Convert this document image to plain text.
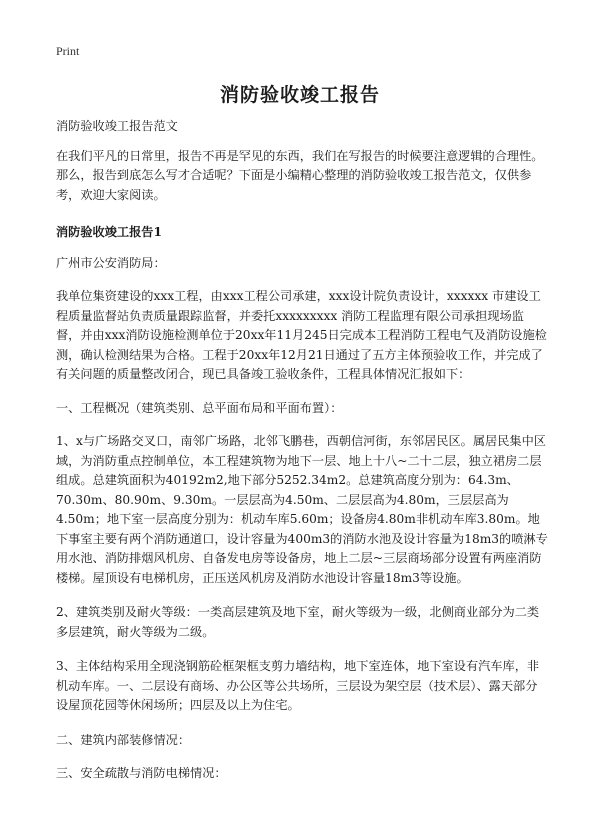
Print
消防验收竣工报告

消防验收竣工报告范文

在我们平凡的日常里，报告不再是罕见的东西，我们在写报告的时候要注意逻辑的合理性。那么，报告到底怎么写才合适呢？下面是小编精心整理的消防验收竣工报告范文，仅供参考，欢迎大家阅读。

消防验收竣工报告1

广州市公安消防局：

我单位集资建设的xxx工程，由xxx工程公司承建，xxx设计院负责设计，xxxxxx 市建设工程质量监督站负责质量跟踪监督，并委托xxxxxxxxx 消防工程监理有限公司承担现场监督，并由xxx消防设施检测单位于20xx年11月245日完成本工程消防工程电气及消防设施检测，确认检测结果为合格。工程于20xx年12月21日通过了五方主体预验收工作，并完成了有关问题的质量整改闭合，现已具备竣工验收条件，工程具体情况汇报如下：

一、工程概况（建筑类别、总平面布局和平面布置）：

1、x与广场路交叉口，南邻广场路，北邻飞鹏巷，西朝信河街，东邻居民区。属居民集中区域，为消防重点控制单位，本工程建筑物为地下一层、地上十八~二十二层，独立裙房二层组成。总建筑面积为40192m2,地下部分5252.34m2。总建筑高度分别为：64.3m、70.30m、80.90m、9.30m。一层层高为4.50m、二层层高为4.80m，三层层高为4.50m；地下室一层高度分别为：机动车库5.60m；设备房4.80m非机动车库3.80m。地下事室主要有两个消防通道口，设计容量为400m3的消防水池及设计容量为18m3的喷淋专用水池、消防排烟风机房、自备发电房等设备房，地上二层~三层商场部分设置有两座消防楼梯。屋顶设有电梯机房，正压送风机房及消防水池设计容量18m3等设施。

2、建筑类别及耐火等级：一类高层建筑及地下室，耐火等级为一级，北侧商业部分为二类多层建筑，耐火等级为二级。

3、主体结构采用全现浇钢筋砼框架框支剪力墙结构，地下室连体，地下室设有汽车库，非机动车库。一、二层设有商场、办公区等公共场所，三层设为架空层（技术层）、露天部分设屋顶花园等休闲场所；四层及以上为住宅。

二、建筑内部装修情况：

三、安全疏散与消防电梯情况：
